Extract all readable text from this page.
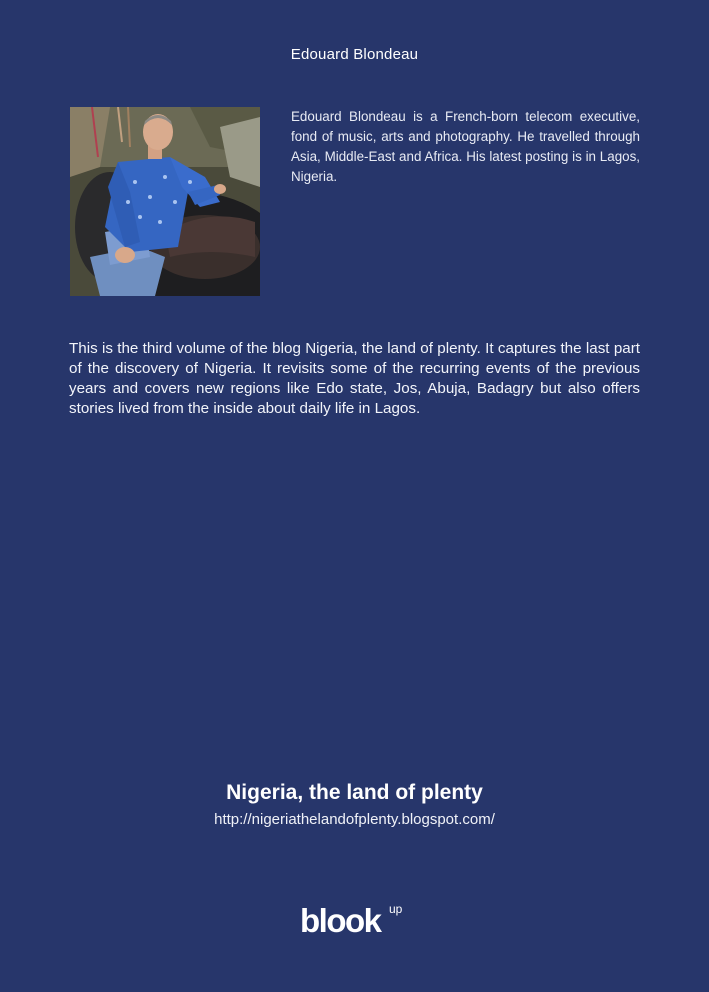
Edouard Blondeau
Edouard Blondeau is a French-born telecom executive, fond of music, arts and photography. He travelled through Asia, Middle-East and Africa. His latest posting is in Lagos, Nigeria.
This is the third volume of the blog Nigeria, the land of plenty. It captures the last part of the discovery of Nigeria. It revisits some of the recurring events of the previous years and covers new regions like Edo state, Jos, Abuja, Badagry but also offers stories lived from the inside about daily life in Lagos.
Nigeria, the land of plenty
http://nigeriathelandofplenty.blogspot.com/
blook up
